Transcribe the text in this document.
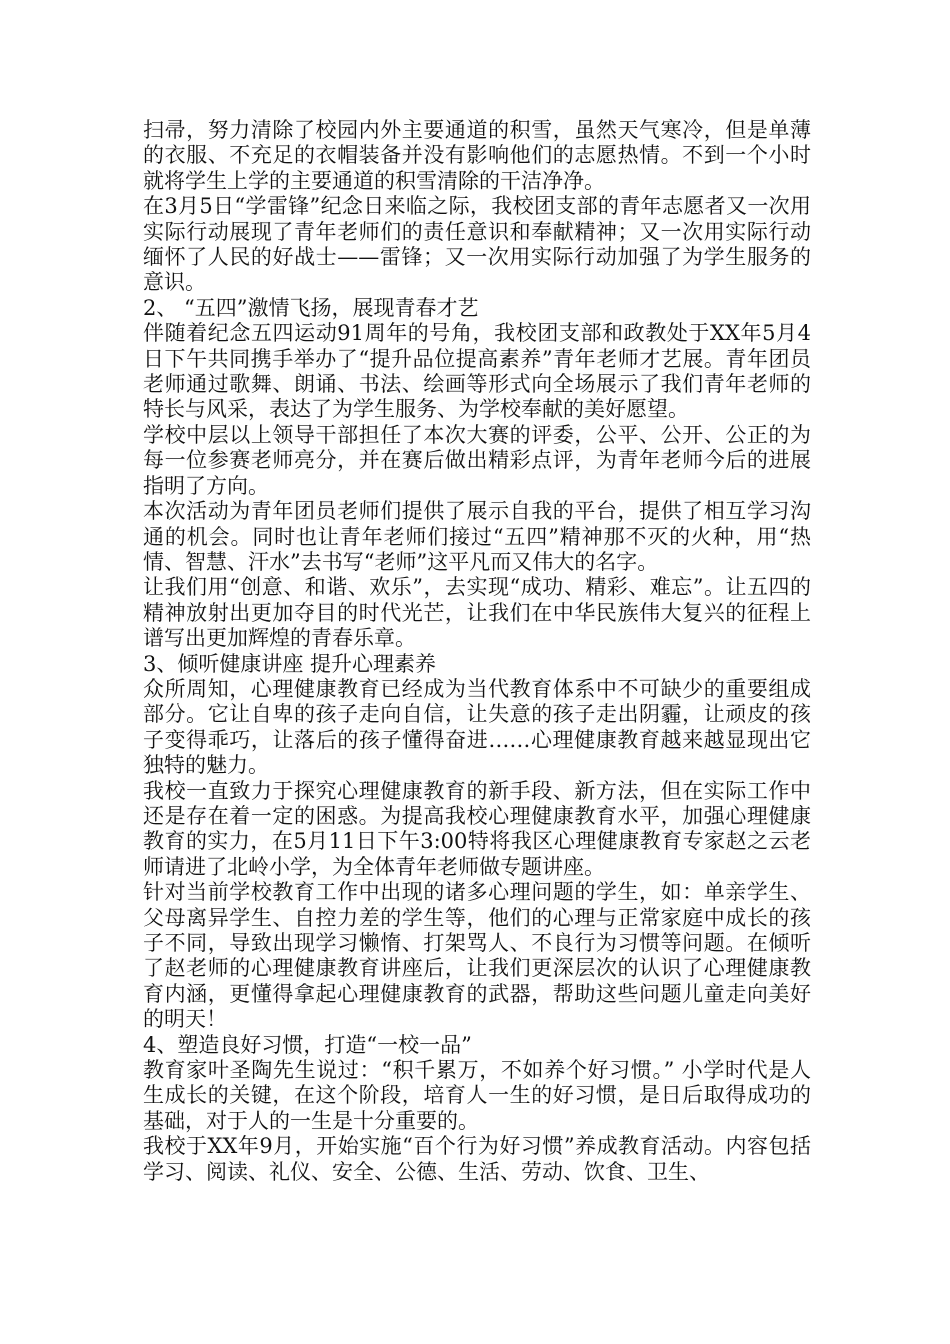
扫帚，努力清除了校园内外主要通道的积雪，虽然天气寒冷，但是单薄的衣服、不充足的衣帽装备并没有影响他们的志愿热情。不到一个小时就将学生上学的主要通道的积雪清除的干洁净净。

在3月5日“学雷锋”纪念日来临之际，我校团支部的青年志愿者又一次用实际行动展现了青年老师们的责任意识和奉献精神；又一次用实际行动缅怀了人民的好战士——雷锋；又一次用实际行动加强了为学生服务的意识。

2、 “五四”激情飞扬，展现青春才艺

伴随着纪念五四运动91周年的号角，我校团支部和政教处于XX年5月4日下午共同携手举办了“提升品位提高素养”青年老师才艺展。青年团员老师通过歌舞、朗诵、书法、绘画等形式向全场展示了我们青年老师的特长与风采，表达了为学生服务、为学校奉献的美好愿望。

学校中层以上领导干部担任了本次大赛的评委，公平、公开、公正的为每一位参赛老师亮分，并在赛后做出精彩点评，为青年老师今后的进展指明了方向。

本次活动为青年团员老师们提供了展示自我的平台，提供了相互学习沟通的机会。同时也让青年老师们接过“五四”精神那不灭的火种，用“热情、智慧、汗水”去书写“老师”这平凡而又伟大的名字。

让我们用“创意、和谐、欢乐”，去实现“成功、精彩、难忘”。让五四的精神放射出更加夺目的时代光芒，让我们在中华民族伟大复兴的征程上谱写出更加辉煌的青春乐章。

3、倾听健康讲座 提升心理素养

众所周知，心理健康教育已经成为当代教育体系中不可缺少的重要组成部分。它让自卑的孩子走向自信，让失意的孩子走出阴霾，让顽皮的孩子变得乖巧，让落后的孩子懂得奋进……心理健康教育越来越显现出它独特的魅力。

我校一直致力于探究心理健康教育的新手段、新方法，但在实际工作中还是存在着一定的困惑。为提高我校心理健康教育水平，加强心理健康教育的实力，在5月11日下午3:00特将我区心理健康教育专家赵之云老师请进了北岭小学，为全体青年老师做专题讲座。

针对当前学校教育工作中出现的诸多心理问题的学生，如：单亲学生、父母离异学生、自控力差的学生等，他们的心理与正常家庭中成长的孩子不同，导致出现学习懒惰、打架骂人、不良行为习惯等问题。在倾听了赵老师的心理健康教育讲座后，让我们更深层次的认识了心理健康教育内涵，更懂得拿起心理健康教育的武器，帮助这些问题儿童走向美好的明天！

4、塑造良好习惯，打造“一校一品”

教育家叶圣陶先生说过：“积千累万，不如养个好习惯。” 小学时代是人生成长的关键，在这个阶段，培育人一生的好习惯，是日后取得成功的基础，对于人的一生是十分重要的。

我校于XX年9月，开始实施“百个行为好习惯”养成教育活动。内容包括学习、阅读、礼仪、安全、公德、生活、劳动、饮食、卫生、
